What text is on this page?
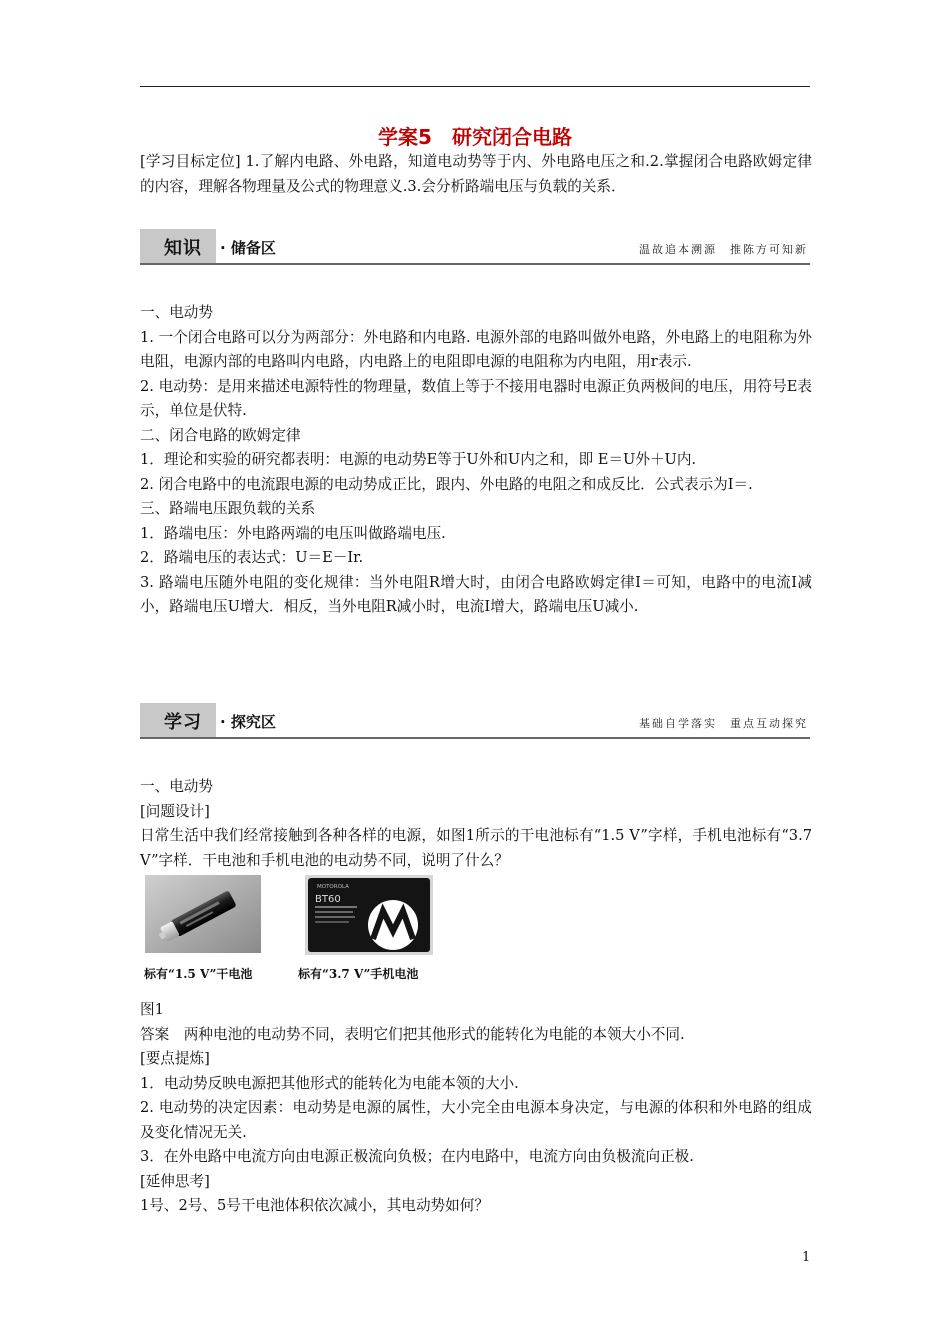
学案5　研究闭合电路
[学习目标定位] 1.了解内电路、外电路，知道电动势等于内、外电路电压之和.2.掌握闭合电路欧姆定律的内容，理解各物理量及公式的物理意义.3.会分析路端电压与负载的关系．
知识 · 储备区	温故追本溯源　推陈方可知新
一、电动势
1. 一个闭合电路可以分为两部分：外电路和内电路. 电源外部的电路叫做外电路，外电路上的电阻称为外电阻，电源内部的电路叫内电路，内电路上的电阻即电源的电阻称为内电阻，用r表示.
2. 电动势：是用来描述电源特性的物理量，数值上等于不接用电器时电源正负两极间的电压，用符号E表示，单位是伏特.
二、闭合电路的欧姆定律
1．理论和实验的研究都表明：电源的电动势E等于U外和U内之和，即 E＝U外＋U内.
2. 闭合电路中的电流跟电源的电动势成正比，跟内、外电路的电阻之和成反比．公式表示为I＝.
三、路端电压跟负载的关系
1．路端电压：外电路两端的电压叫做路端电压.
2．路端电压的表达式：U＝E－Ir.
3. 路端电压随外电阻的变化规律：当外电阻R增大时，由闭合电路欧姆定律I＝可知，电路中的电流I减小，路端电压U增大．相反，当外电阻R减小时，电流I增大，路端电压U减小.
学习 · 探究区	基础自学落实　重点互动探究
一、电动势
[问题设计]
日常生活中我们经常接触到各种各样的电源，如图1所示的干电池标有“1.5 V”字样，手机电池标有“3.7 V”字样．干电池和手机电池的电动势不同，说明了什么？
MOTOROLA
BT60
标有“1.5 V”干电池	标有“3.7 V”手机电池
图1
答案　两种电池的电动势不同，表明它们把其他形式的能转化为电能的本领大小不同.
[要点提炼]
1．电动势反映电源把其他形式的能转化为电能本领的大小.
2. 电动势的决定因素：电动势是电源的属性，大小完全由电源本身决定，与电源的体积和外电路的组成及变化情况无关.
3．在外电路中电流方向由电源正极流向负极；在内电路中，电流方向由负极流向正极.
[延伸思考]
1号、2号、5号干电池体积依次减小，其电动势如何？
1
